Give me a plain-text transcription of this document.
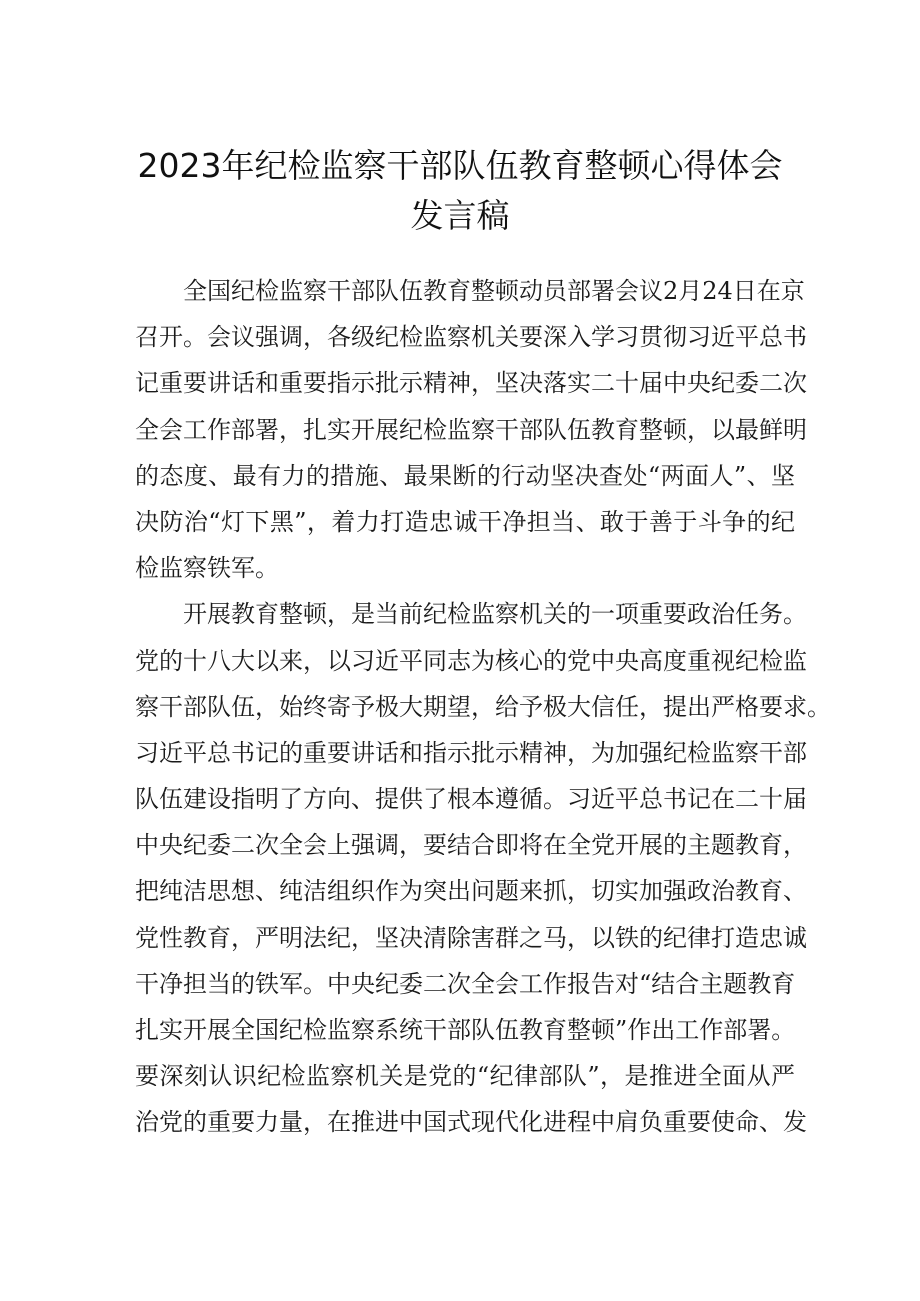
2023年纪检监察干部队伍教育整顿心得体会
发言稿
全国纪检监察干部队伍教育整顿动员部署会议2月24日在京
召开。会议强调，各级纪检监察机关要深入学习贯彻习近平总书
记重要讲话和重要指示批示精神，坚决落实二十届中央纪委二次
全会工作部署，扎实开展纪检监察干部队伍教育整顿，以最鲜明
的态度、最有力的措施、最果断的行动坚决查处“两面人”、坚
决防治“灯下黑”，着力打造忠诚干净担当、敢于善于斗争的纪
检监察铁军。
开展教育整顿，是当前纪检监察机关的一项重要政治任务。
党的十八大以来，以习近平同志为核心的党中央高度重视纪检监
察干部队伍，始终寄予极大期望，给予极大信任，提出严格要求。
习近平总书记的重要讲话和指示批示精神，为加强纪检监察干部
队伍建设指明了方向、提供了根本遵循。习近平总书记在二十届
中央纪委二次全会上强调，要结合即将在全党开展的主题教育，
把纯洁思想、纯洁组织作为突出问题来抓，切实加强政治教育、
党性教育，严明法纪，坚决清除害群之马，以铁的纪律打造忠诚
干净担当的铁军。中央纪委二次全会工作报告对“结合主题教育
扎实开展全国纪检监察系统干部队伍教育整顿”作出工作部署。
要深刻认识纪检监察机关是党的“纪律部队”，是推进全面从严
治党的重要力量，在推进中国式现代化进程中肩负重要使命、发
